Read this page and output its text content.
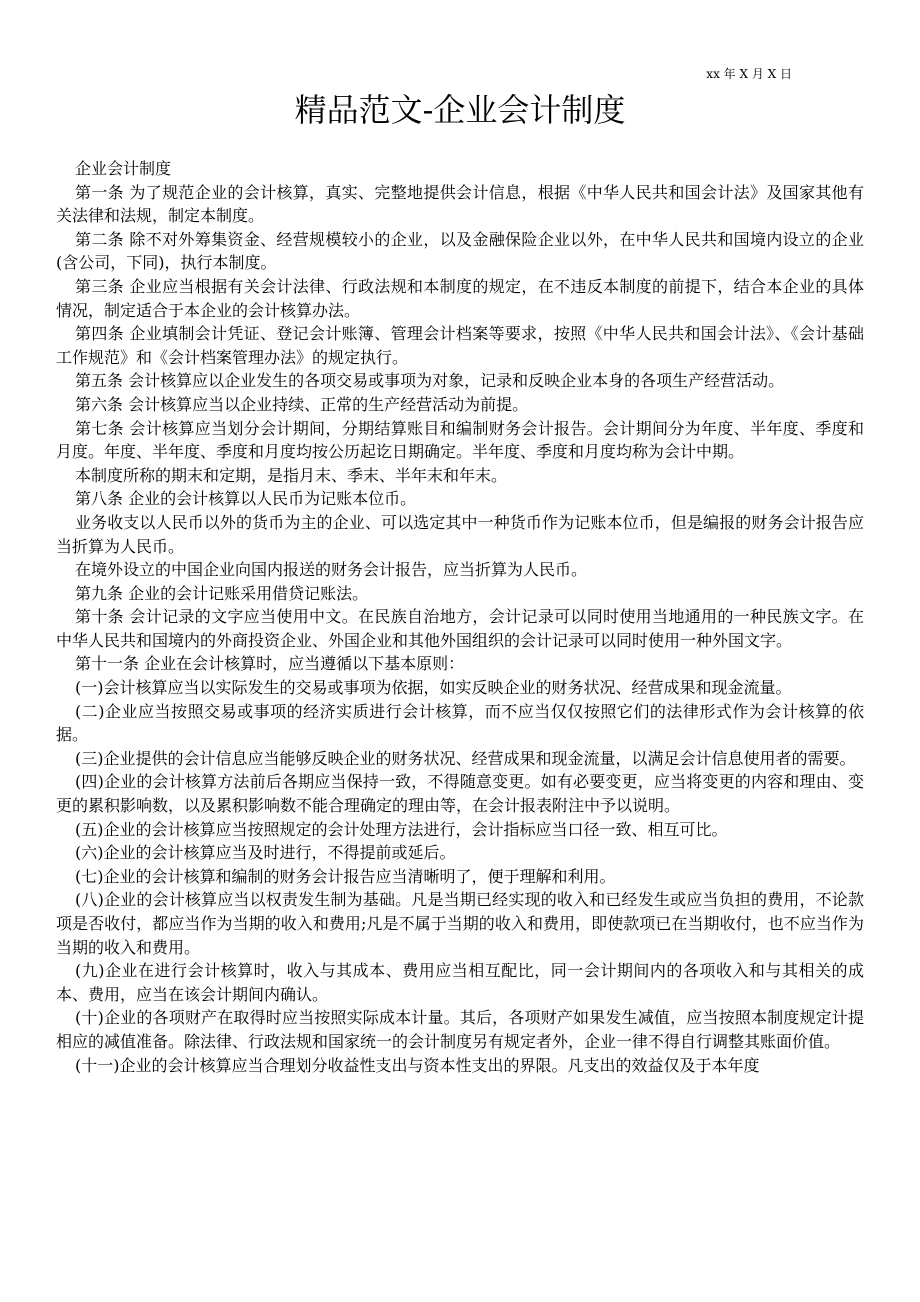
xx 年 X 月 X 日
精品范文-企业会计制度

企业会计制度

第一条 为了规范企业的会计核算，真实、完整地提供会计信息，根据《中华人民共和国会计法》及国家其他有关法律和法规，制定本制度。

第二条 除不对外筹集资金、经营规模较小的企业，以及金融保险企业以外，在中华人民共和国境内设立的企业(含公司，下同)，执行本制度。

第三条 企业应当根据有关会计法律、行政法规和本制度的规定，在不违反本制度的前提下，结合本企业的具体情况，制定适合于本企业的会计核算办法。

第四条 企业填制会计凭证、登记会计账簿、管理会计档案等要求，按照《中华人民共和国会计法》、《会计基础工作规范》和《会计档案管理办法》的规定执行。

第五条 会计核算应以企业发生的各项交易或事项为对象，记录和反映企业本身的各项生产经营活动。

第六条 会计核算应当以企业持续、正常的生产经营活动为前提。

第七条 会计核算应当划分会计期间，分期结算账目和编制财务会计报告。会计期间分为年度、半年度、季度和月度。年度、半年度、季度和月度均按公历起讫日期确定。半年度、季度和月度均称为会计中期。

本制度所称的期末和定期，是指月末、季末、半年末和年末。

第八条 企业的会计核算以人民币为记账本位币。

业务收支以人民币以外的货币为主的企业、可以选定其中一种货币作为记账本位币，但是编报的财务会计报告应当折算为人民币。

在境外设立的中国企业向国内报送的财务会计报告，应当折算为人民币。

第九条 企业的会计记账采用借贷记账法。

第十条 会计记录的文字应当使用中文。在民族自治地方，会计记录可以同时使用当地通用的一种民族文字。在中华人民共和国境内的外商投资企业、外国企业和其他外国组织的会计记录可以同时使用一种外国文字。

第十一条 企业在会计核算时，应当遵循以下基本原则：

(一)会计核算应当以实际发生的交易或事项为依据，如实反映企业的财务状况、经营成果和现金流量。

(二)企业应当按照交易或事项的经济实质进行会计核算，而不应当仅仅按照它们的法律形式作为会计核算的依据。

(三)企业提供的会计信息应当能够反映企业的财务状况、经营成果和现金流量，以满足会计信息使用者的需要。

(四)企业的会计核算方法前后各期应当保持一致，不得随意变更。如有必要变更，应当将变更的内容和理由、变更的累积影响数，以及累积影响数不能合理确定的理由等，在会计报表附注中予以说明。

(五)企业的会计核算应当按照规定的会计处理方法进行，会计指标应当口径一致、相互可比。

(六)企业的会计核算应当及时进行，不得提前或延后。

(七)企业的会计核算和编制的财务会计报告应当清晰明了，便于理解和利用。

(八)企业的会计核算应当以权责发生制为基础。凡是当期已经实现的收入和已经发生或应当负担的费用，不论款项是否收付，都应当作为当期的收入和费用;凡是不属于当期的收入和费用，即使款项已在当期收付，也不应当作为当期的收入和费用。

(九)企业在进行会计核算时，收入与其成本、费用应当相互配比，同一会计期间内的各项收入和与其相关的成本、费用，应当在该会计期间内确认。

(十)企业的各项财产在取得时应当按照实际成本计量。其后，各项财产如果发生减值，应当按照本制度规定计提相应的减值准备。除法律、行政法规和国家统一的会计制度另有规定者外，企业一律不得自行调整其账面价值。

(十一)企业的会计核算应当合理划分收益性支出与资本性支出的界限。凡支出的效益仅及于本年度
